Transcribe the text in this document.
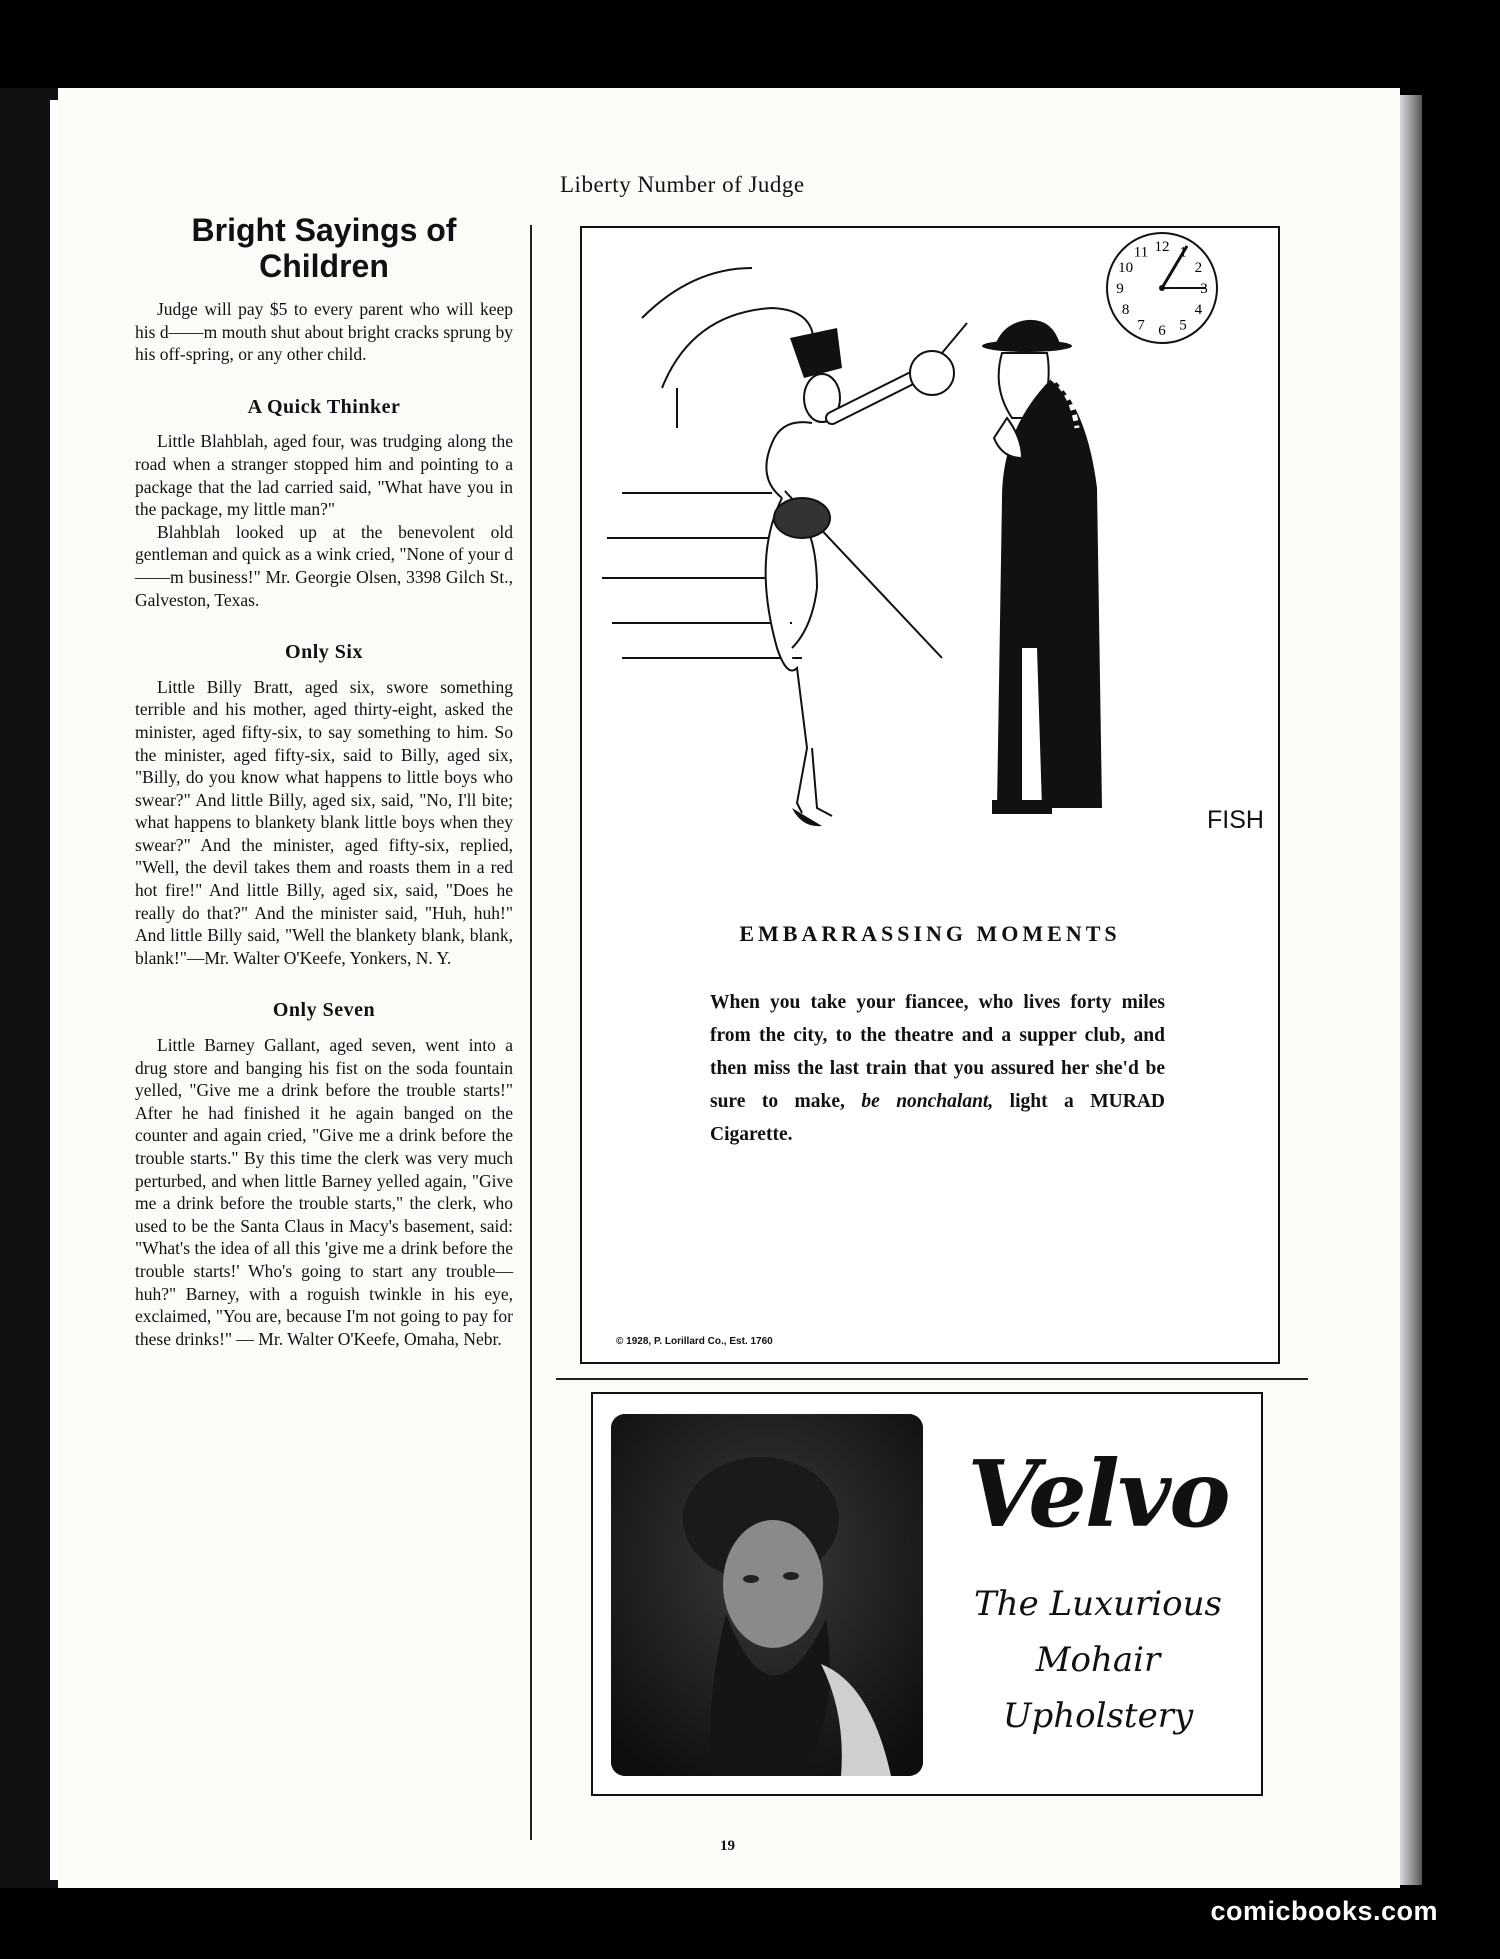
Liberty Number of Judge
Bright Sayings of Children

Judge will pay $5 to every parent who will keep his d——m mouth shut about bright cracks sprung by his off-spring, or any other child.

A Quick Thinker

Little Blahblah, aged four, was trudging along the road when a stranger stopped him and pointing to a package that the lad carried said, "What have you in the package, my little man?"

Blahblah looked up at the benevolent old gentleman and quick as a wink cried, "None of your d——m business!" Mr. Georgie Olsen, 3398 Gilch St., Galveston, Texas.

Only Six

Little Billy Bratt, aged six, swore something terrible and his mother, aged thirty-eight, asked the minister, aged fifty-six, to say something to him. So the minister, aged fifty-six, said to Billy, aged six, "Billy, do you know what happens to little boys who swear?" And little Billy, aged six, said, "No, I'll bite; what happens to blankety blank little boys when they swear?" And the minister, aged fifty-six, replied, "Well, the devil takes them and roasts them in a red hot fire!" And little Billy, aged six, said, "Does he really do that?" And the minister said, "Huh, huh!" And little Billy said, "Well the blankety blank, blank, blank!"—Mr. Walter O'Keefe, Yonkers, N. Y.

Only Seven

Little Barney Gallant, aged seven, went into a drug store and banging his fist on the soda fountain yelled, "Give me a drink before the trouble starts!" After he had finished it he again banged on the counter and again cried, "Give me a drink before the trouble starts." By this time the clerk was very much perturbed, and when little Barney yelled again, "Give me a drink before the trouble starts," the clerk, who used to be the Santa Claus in Macy's basement, said: "What's the idea of all this 'give me a drink before the trouble starts!' Who's going to start any trouble—huh?" Barney, with a roguish twinkle in his eye, exclaimed, "You are, because I'm not going to pay for these drinks!" — Mr. Walter O'Keefe, Omaha, Nebr.

12 1
2
3
4
5
6
7
8
9
10
11
FISH
EMBARRASSING MOMENTS
When you take your fiancee, who lives forty miles from the city, to the theatre and a supper club, and then miss the last train that you assured her she'd be sure to make, be nonchalant, light a MURAD Cigarette.
© 1928, P. Lorillard Co., Est. 1760
Velvo
The Luxurious
Mohair
Upholstery
19
comicbooks.com
